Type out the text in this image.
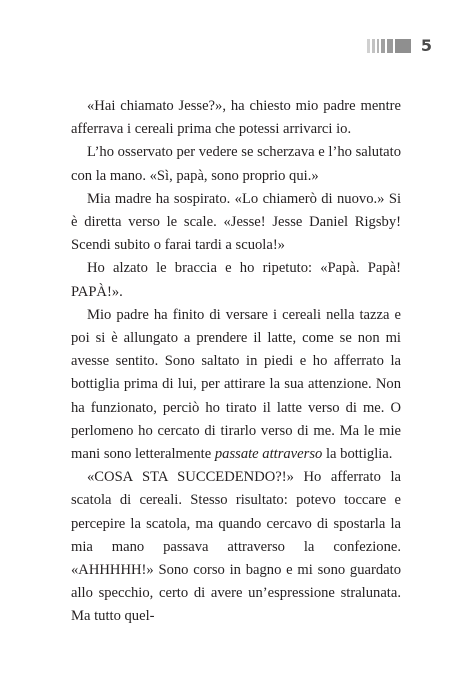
5

«Hai chiamato Jesse?», ha chiesto mio padre mentre afferrava i cereali prima che potessi arrivarci io.

L’ho osservato per vedere se scherzava e l’ho salutato con la mano. «Sì, papà, sono proprio qui.»

Mia madre ha sospirato. «Lo chiamerò di nuovo.» Si è diretta verso le scale. «Jesse! Jesse Daniel Rigsby! Scendi subito o farai tardi a scuola!»

Ho alzato le braccia e ho ripetuto: «Papà. Papà! PAPÀ!».

Mio padre ha finito di versare i cereali nella tazza e poi si è allungato a prendere il latte, come se non mi avesse sentito. Sono saltato in piedi e ho afferrato la bottiglia prima di lui, per attirare la sua attenzione. Non ha funzionato, perciò ho tirato il latte verso di me. O perlomeno ho cercato di tirarlo verso di me. Ma le mie mani sono letteralmente passate attraverso la bottiglia.

«COSA STA SUCCEDENDO?!» Ho afferrato la scatola di cereali. Stesso risultato: potevo toccare e percepire la scatola, ma quando cercavo di spostarla la mia mano passava attraverso la confezione. «AHHHHH!» Sono corso in bagno e mi sono guardato allo specchio, certo di avere un’espressione stralunata. Ma tutto quel-
